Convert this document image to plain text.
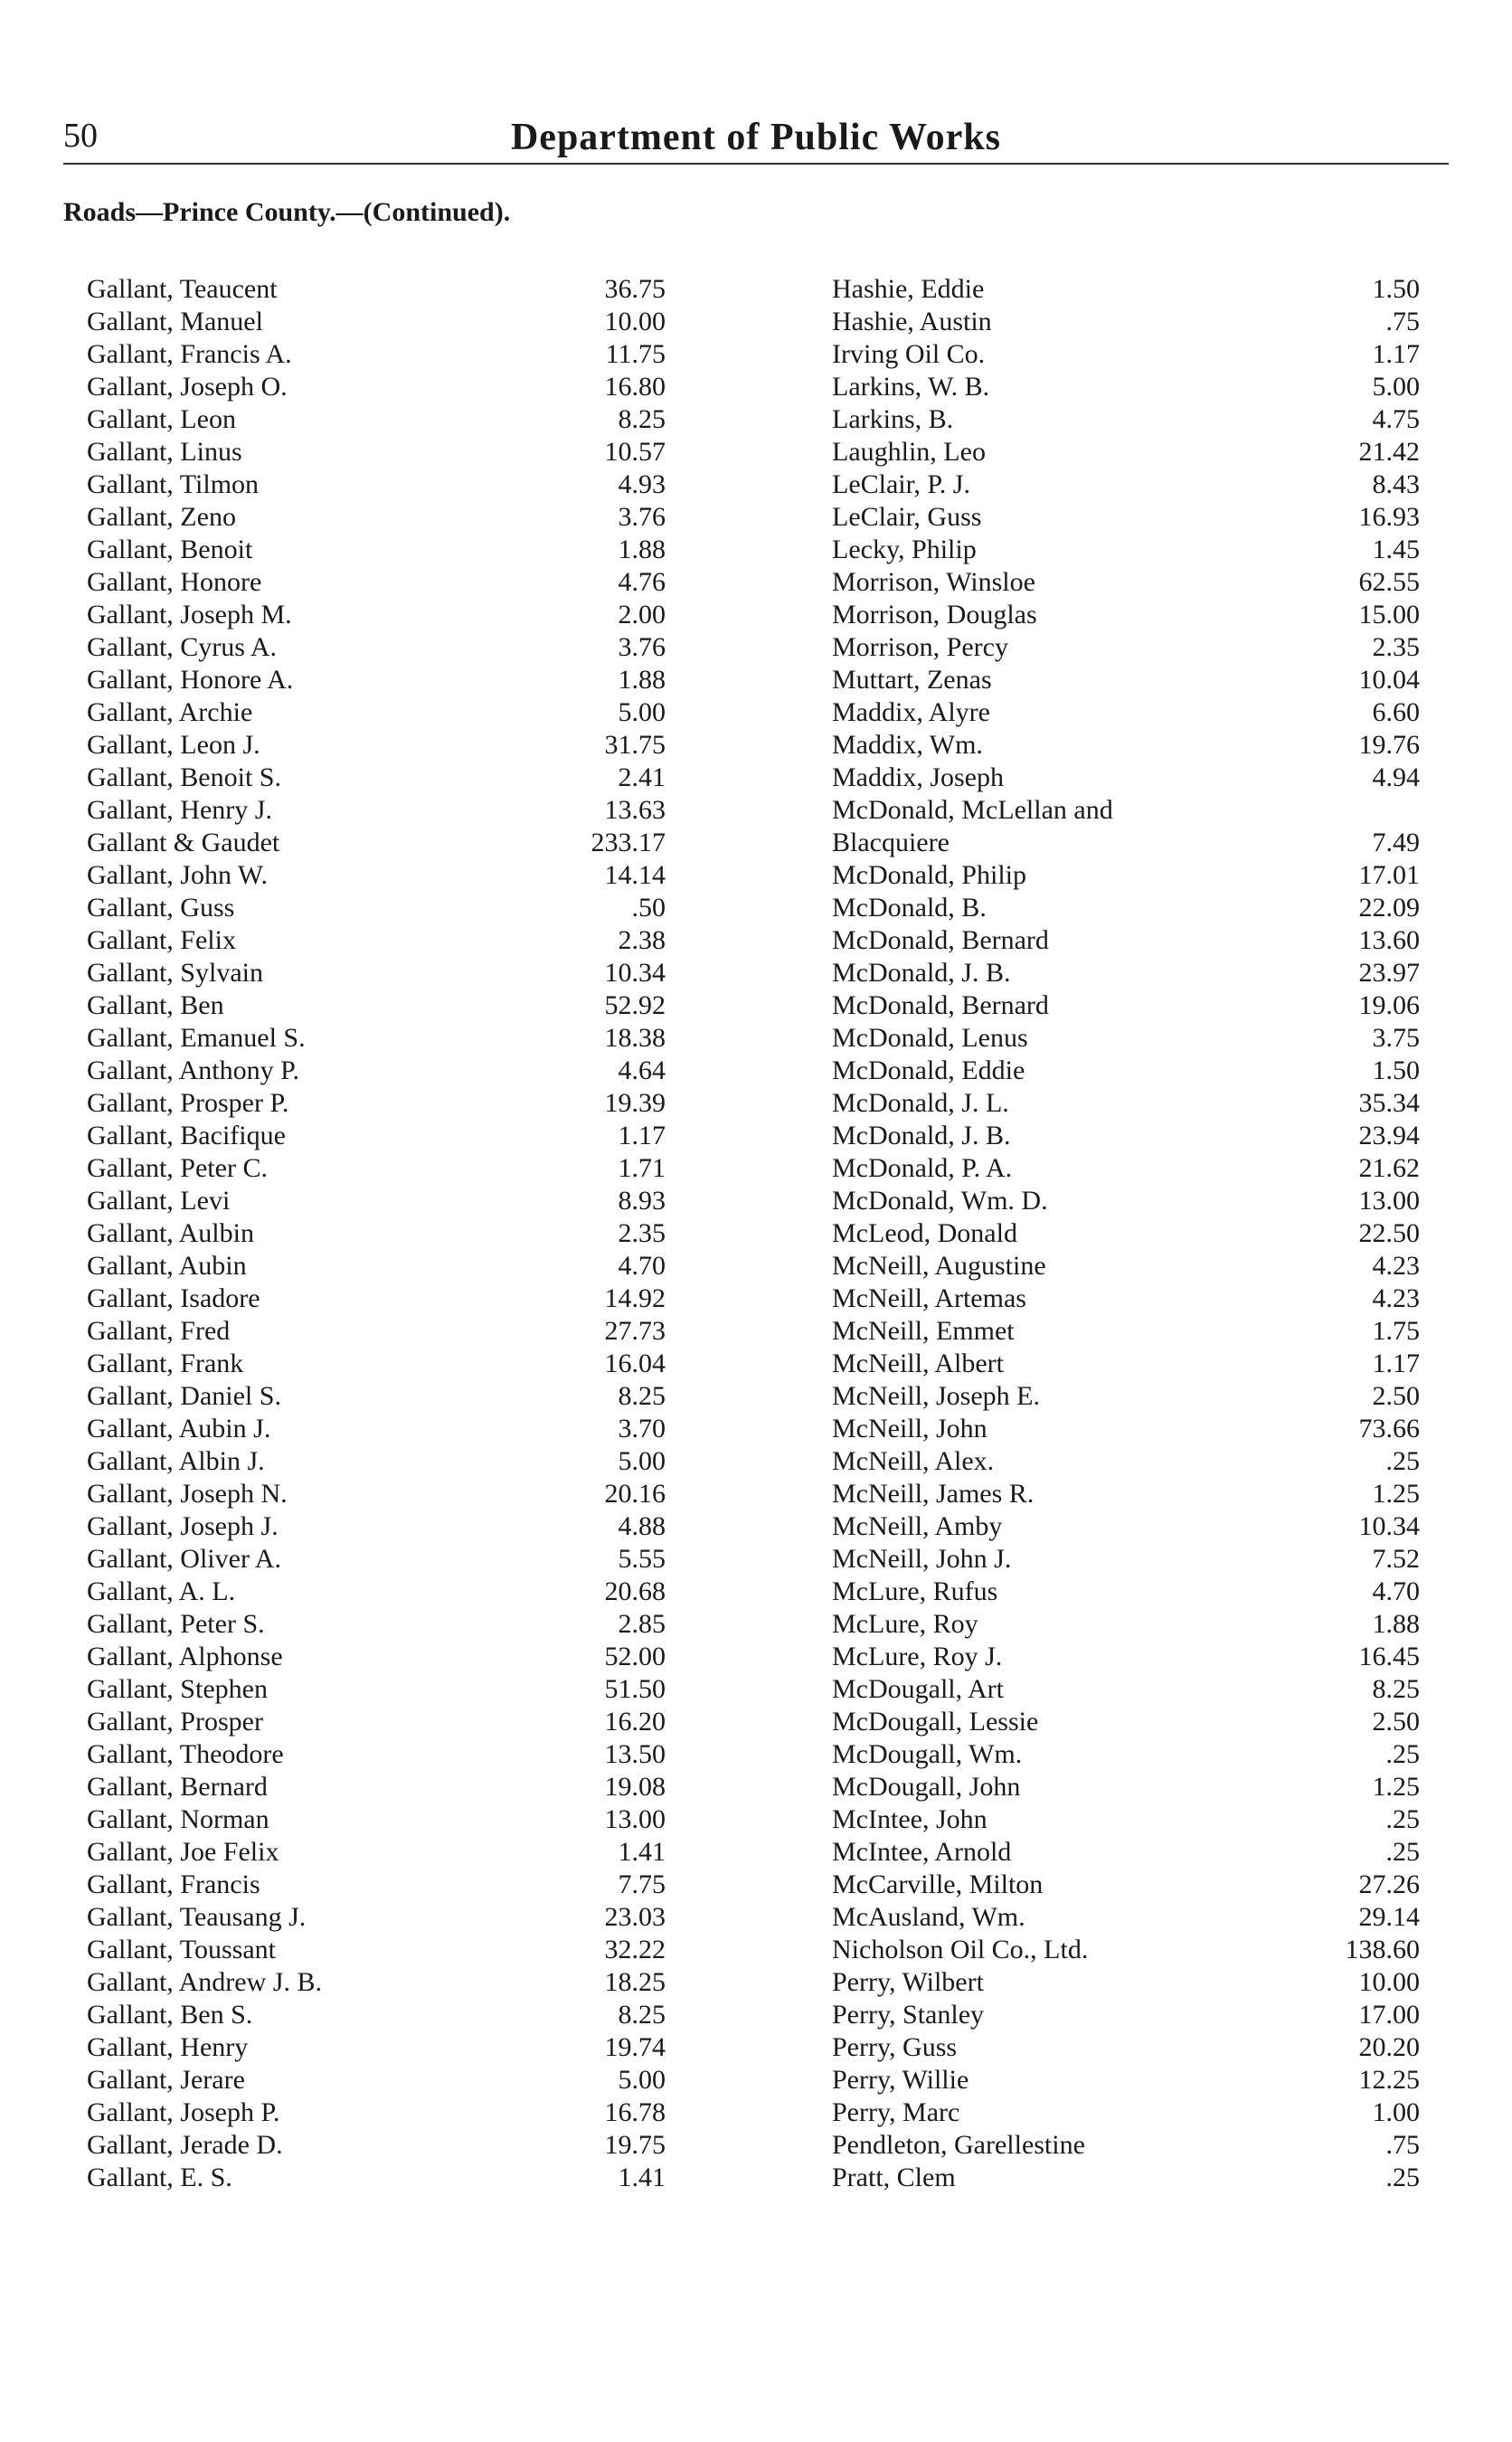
50	Department of Public Works
Roads—Prince County.—(Continued).
Gallant, Teaucent	36.75
Gallant, Manuel	10.00
Gallant, Francis A.	11.75
Gallant, Joseph O.	16.80
Gallant, Leon	8.25
Gallant, Linus	10.57
Gallant, Tilmon	4.93
Gallant, Zeno	3.76
Gallant, Benoit	1.88
Gallant, Honore	4.76
Gallant, Joseph M.	2.00
Gallant, Cyrus A.	3.76
Gallant, Honore A.	1.88
Gallant, Archie	5.00
Gallant, Leon J.	31.75
Gallant, Benoit S.	2.41
Gallant, Henry J.	13.63
Gallant & Gaudet	233.17
Gallant, John W.	14.14
Gallant, Guss	.50
Gallant, Felix	2.38
Gallant, Sylvain	10.34
Gallant, Ben	52.92
Gallant, Emanuel S.	18.38
Gallant, Anthony P.	4.64
Gallant, Prosper P.	19.39
Gallant, Bacifique	1.17
Gallant, Peter C.	1.71
Gallant, Levi	8.93
Gallant, Aulbin	2.35
Gallant, Aubin	4.70
Gallant, Isadore	14.92
Gallant, Fred	27.73
Gallant, Frank	16.04
Gallant, Daniel S.	8.25
Gallant, Aubin J.	3.70
Gallant, Albin J.	5.00
Gallant, Joseph N.	20.16
Gallant, Joseph J.	4.88
Gallant, Oliver A.	5.55
Gallant, A. L.	20.68
Gallant, Peter S.	2.85
Gallant, Alphonse	52.00
Gallant, Stephen	51.50
Gallant, Prosper	16.20
Gallant, Theodore	13.50
Gallant, Bernard	19.08
Gallant, Norman	13.00
Gallant, Joe Felix	1.41
Gallant, Francis	7.75
Gallant, Teausang J.	23.03
Gallant, Toussant	32.22
Gallant, Andrew J. B.	18.25
Gallant, Ben S.	8.25
Gallant, Henry	19.74
Gallant, Jerare	5.00
Gallant, Joseph P.	16.78
Gallant, Jerade D.	19.75
Gallant, E. S.	1.41
Hashie, Eddie	1.50
Hashie, Austin	.75
Irving Oil Co.	1.17
Larkins, W. B.	5.00
Larkins, B.	4.75
Laughlin, Leo	21.42
LeClair, P. J.	8.43
LeClair, Guss	16.93
Lecky, Philip	1.45
Morrison, Winsloe	62.55
Morrison, Douglas	15.00
Morrison, Percy	2.35
Muttart, Zenas	10.04
Maddix, Alyre	6.60
Maddix, Wm.	19.76
Maddix, Joseph	4.94
McDonald, McLellan and
Blacquiere	7.49
McDonald, Philip	17.01
McDonald, B.	22.09
McDonald, Bernard	13.60
McDonald, J. B.	23.97
McDonald, Bernard	19.06
McDonald, Lenus	3.75
McDonald, Eddie	1.50
McDonald, J. L.	35.34
McDonald, J. B.	23.94
McDonald, P. A.	21.62
McDonald, Wm. D.	13.00
McLeod, Donald	22.50
McNeill, Augustine	4.23
McNeill, Artemas	4.23
McNeill, Emmet	1.75
McNeill, Albert	1.17
McNeill, Joseph E.	2.50
McNeill, John	73.66
McNeill, Alex.	.25
McNeill, James R.	1.25
McNeill, Amby	10.34
McNeill, John J.	7.52
McLure, Rufus	4.70
McLure, Roy	1.88
McLure, Roy J.	16.45
McDougall, Art	8.25
McDougall, Lessie	2.50
McDougall, Wm.	.25
McDougall, John	1.25
McIntee, John	.25
McIntee, Arnold	.25
McCarville, Milton	27.26
McAusland, Wm.	29.14
Nicholson Oil Co., Ltd.	138.60
Perry, Wilbert	10.00
Perry, Stanley	17.00
Perry, Guss	20.20
Perry, Willie	12.25
Perry, Marc	1.00
Pendleton, Garellestine	.75
Pratt, Clem	.25
